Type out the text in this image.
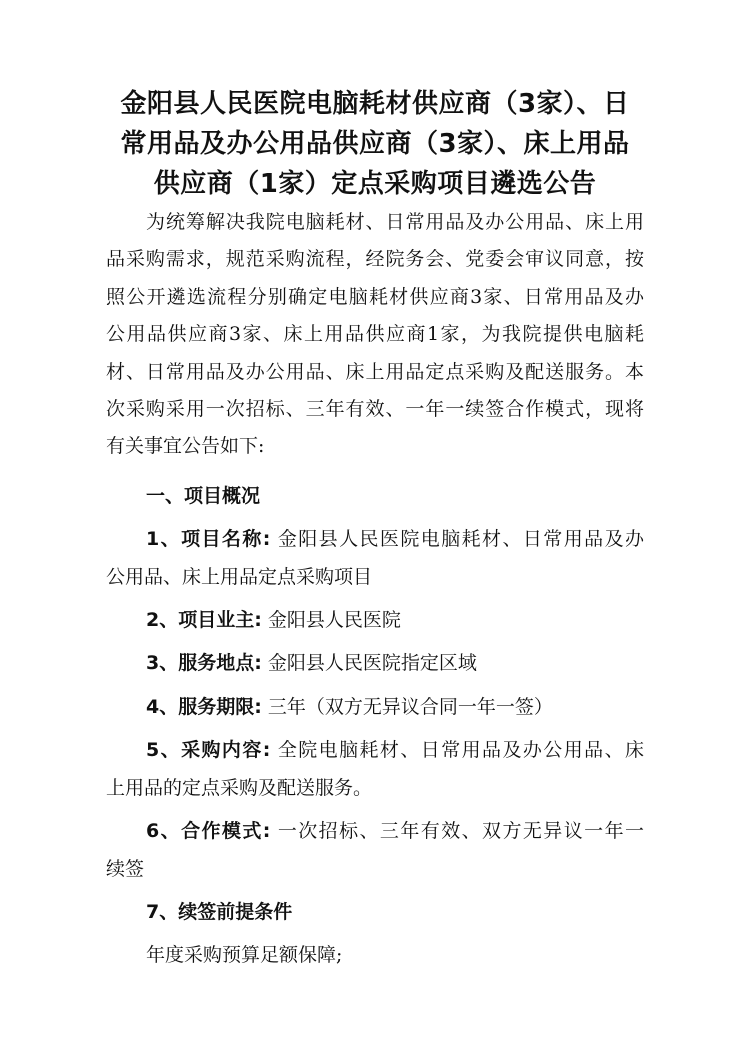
金阳县人民医院电脑耗材供应商（3家）、日
常用品及办公用品供应商（3家）、床上用品
供应商（1家）定点采购项目遴选公告
为统筹解决我院电脑耗材、日常用品及办公用品、床上用
品采购需求，规范采购流程，经院务会、党委会审议同意，按
照公开遴选流程分别确定电脑耗材供应商3家、日常用品及办
公用品供应商3家、床上用品供应商1家，为我院提供电脑耗
材、日常用品及办公用品、床上用品定点采购及配送服务。本
次采购采用一次招标、三年有效、一年一续签合作模式，现将
有关事宜公告如下:
一、项目概况
1、项目名称: 金阳县人民医院电脑耗材、日常用品及办
公用品、床上用品定点采购项目
2、项目业主: 金阳县人民医院
3、服务地点: 金阳县人民医院指定区域
4、服务期限: 三年（双方无异议合同一年一签）
5、采购内容: 全院电脑耗材、日常用品及办公用品、床
上用品的定点采购及配送服务。
6、合作模式: 一次招标、三年有效、双方无异议一年一
续签
7、续签前提条件
年度采购预算足额保障;
